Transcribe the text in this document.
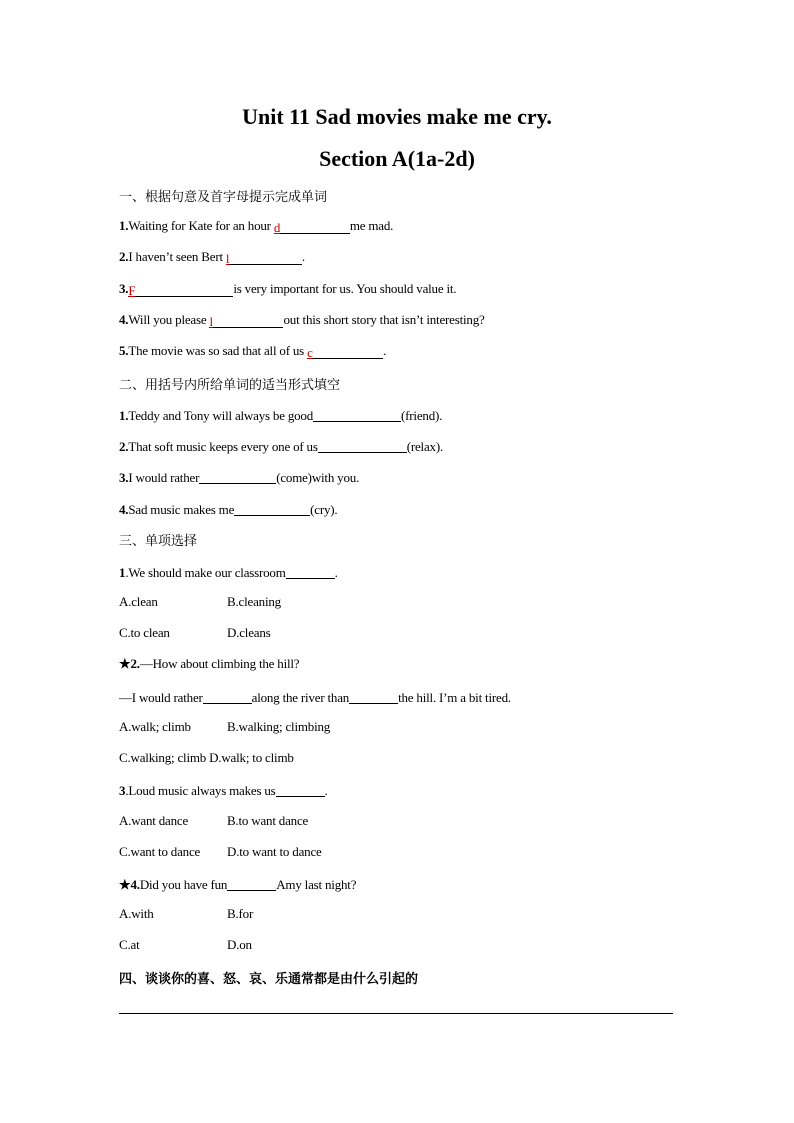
Unit 11 Sad movies make me cry.
Section A(1a-2d)
一、根据句意及首字母提示完成单词
1.Waiting for Kate for an hour d	me mad.
2.I haven’t seen Bert l	.
3.F	is very important for us. You should value it.
4.Will you please l	out this short story that isn’t interesting?
5.The movie was so sad that all of us c	.
二、用括号内所给单词的适当形式填空
1.Teddy and Tony will always be good	(friend).
2.That soft music keeps every one of us	(relax).
3.I would rather	(come)with you.
4.Sad music makes me	(cry).
三、单项选择
1.We should make our classroom	.
A.clean	B.cleaning
C.to clean	D.cleans
★2.—How about climbing the hill?
—I would rather	along the river than	the hill. I’m a bit tired.
A.walk; climb	B.walking; climbing
C.walking; climb D.walk; to climb
3.Loud music always makes us	.
A.want dance	B.to want dance
C.want to dance D.to want to dance
★4.Did you have fun	Amy last night?
A.with	B.for
C.at	D.on
四、谈谈你的喜、怒、哀、乐通常都是由什么引起的
